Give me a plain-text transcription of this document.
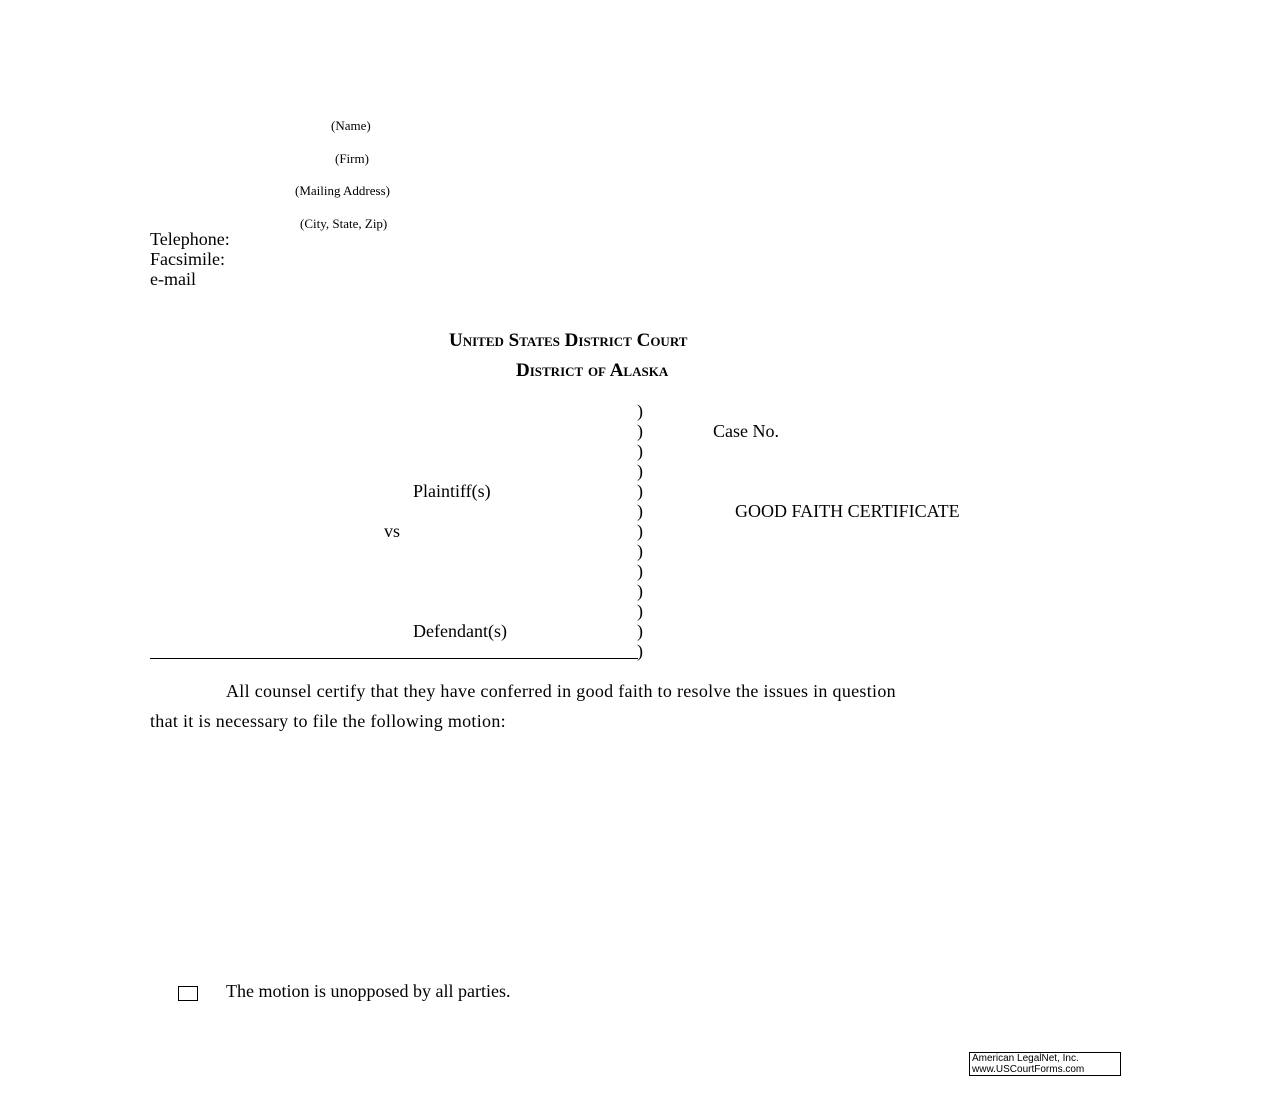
(Name)
(Firm)
(Mailing Address)
(City, State, Zip)
Telephone:
Facsimile:
e-mail
United States District Court
District of Alaska
)
)
)
)
)
)
)
)
)
)
)
)
)
Case No.
Plaintiff(s)
vs
GOOD FAITH CERTIFICATE
Defendant(s)
All counsel certify that they have conferred in good faith to resolve the issues in question
that it is necessary to file the following motion:
The motion is unopposed by all parties.
American LegalNet, Inc.
www.USCourtForms.com
